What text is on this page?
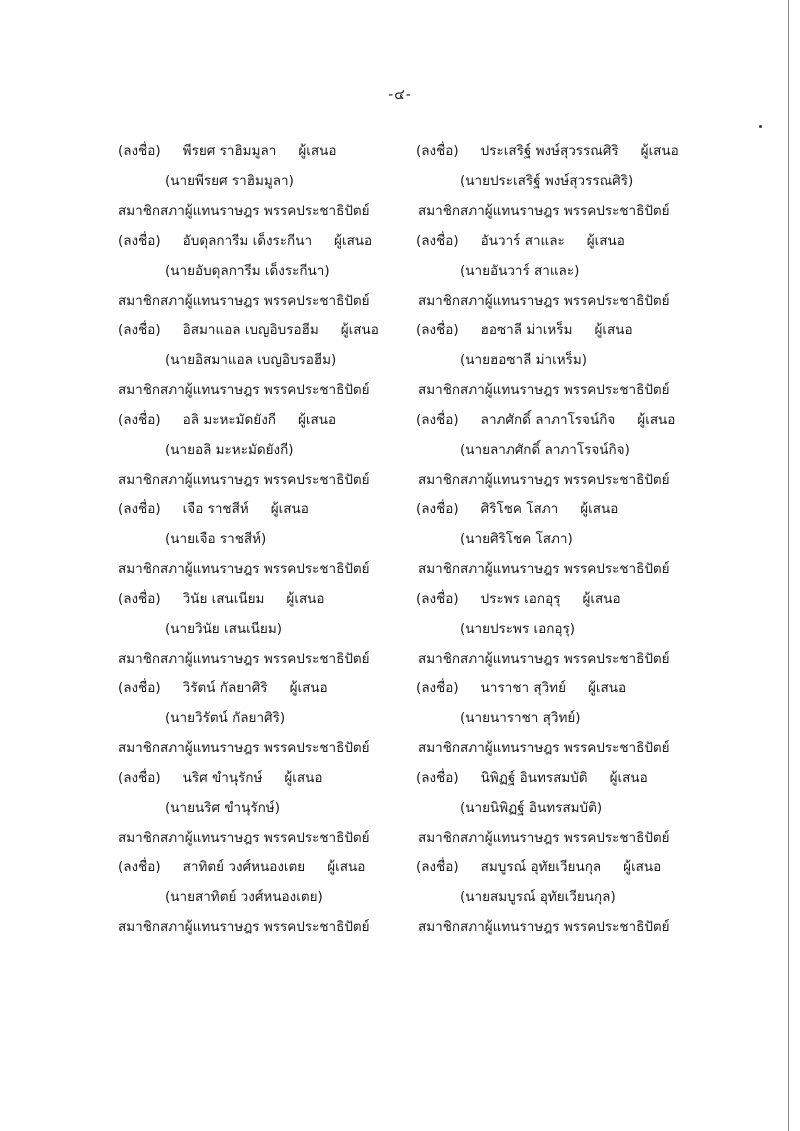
-๔-
(ลงชื่อ) พีรยศ ราฮิมมูลา ผู้เสนอ
(นายพีรยศ ราฮิมมูลา)
สมาชิกสภาผู้แทนราษฎร พรรคประชาธิปัตย์
(ลงชื่อ) อับดุลการีม เด็งระกีนา ผู้เสนอ
(นายอับดุลการีม เด็งระกีนา)
สมาชิกสภาผู้แทนราษฎร พรรคประชาธิปัตย์
(ลงชื่อ) อิสมาแอล เบญอิบรอฮีม ผู้เสนอ
(นายอิสมาแอล เบญอิบรอฮีม)
สมาชิกสภาผู้แทนราษฎร พรรคประชาธิปัตย์
(ลงชื่อ) อลิ มะหะมัดยังกี ผู้เสนอ
(นายอลิ มะหะมัดยังกี)
สมาชิกสภาผู้แทนราษฎร พรรคประชาธิปัตย์
(ลงชื่อ) เจือ ราชสีห์ ผู้เสนอ
(นายเจือ ราชสีห์)
สมาชิกสภาผู้แทนราษฎร พรรคประชาธิปัตย์
(ลงชื่อ) วินัย เสนเนียม ผู้เสนอ
(นายวินัย เสนเนียม)
สมาชิกสภาผู้แทนราษฎร พรรคประชาธิปัตย์
(ลงชื่อ) วิรัตน์ กัลยาศิริ ผู้เสนอ
(นายวิรัตน์ กัลยาศิริ)
สมาชิกสภาผู้แทนราษฎร พรรคประชาธิปัตย์
(ลงชื่อ) นริศ ขำนุรักษ์ ผู้เสนอ
(นายนริศ ขำนุรักษ์)
สมาชิกสภาผู้แทนราษฎร พรรคประชาธิปัตย์
(ลงชื่อ) สาทิตย์ วงศ์หนองเตย ผู้เสนอ
(นายสาทิตย์ วงศ์หนองเตย)
สมาชิกสภาผู้แทนราษฎร พรรคประชาธิปัตย์
(ลงชื่อ) ประเสริฐ์ พงษ์สุวรรณศิริ ผู้เสนอ
(นายประเสริฐ์ พงษ์สุวรรณศิริ)
สมาชิกสภาผู้แทนราษฎร พรรคประชาธิปัตย์
(ลงชื่อ) อันวาร์ สาและ ผู้เสนอ
(นายอันวาร์ สาและ)
สมาชิกสภาผู้แทนราษฎร พรรคประชาธิปัตย์
(ลงชื่อ) ฮอซาลี ม่าเหร็ม ผู้เสนอ
(นายฮอซาลี ม่าเหร็ม)
สมาชิกสภาผู้แทนราษฎร พรรคประชาธิปัตย์
(ลงชื่อ) ลาภศักดิ์ ลาภาโรจน์กิจ ผู้เสนอ
(นายลาภศักดิ์ ลาภาโรจน์กิจ)
สมาชิกสภาผู้แทนราษฎร พรรคประชาธิปัตย์
(ลงชื่อ) ศิริโชค โสภา ผู้เสนอ
(นายศิริโชค โสภา)
สมาชิกสภาผู้แทนราษฎร พรรคประชาธิปัตย์
(ลงชื่อ) ประพร เอกอุรุ ผู้เสนอ
(นายประพร เอกอุรุ)
สมาชิกสภาผู้แทนราษฎร พรรคประชาธิปัตย์
(ลงชื่อ) นาราชา สุวิทย์ ผู้เสนอ
(นายนาราชา สุวิทย์)
สมาชิกสภาผู้แทนราษฎร พรรคประชาธิปัตย์
(ลงชื่อ) นิพิฏฐ์ อินทรสมบัติ ผู้เสนอ
(นายนิพิฏฐ์ อินทรสมบัติ)
สมาชิกสภาผู้แทนราษฎร พรรคประชาธิปัตย์
(ลงชื่อ) สมบูรณ์ อุทัยเวียนกุล ผู้เสนอ
(นายสมบูรณ์ อุทัยเวียนกุล)
สมาชิกสภาผู้แทนราษฎร พรรคประชาธิปัตย์
